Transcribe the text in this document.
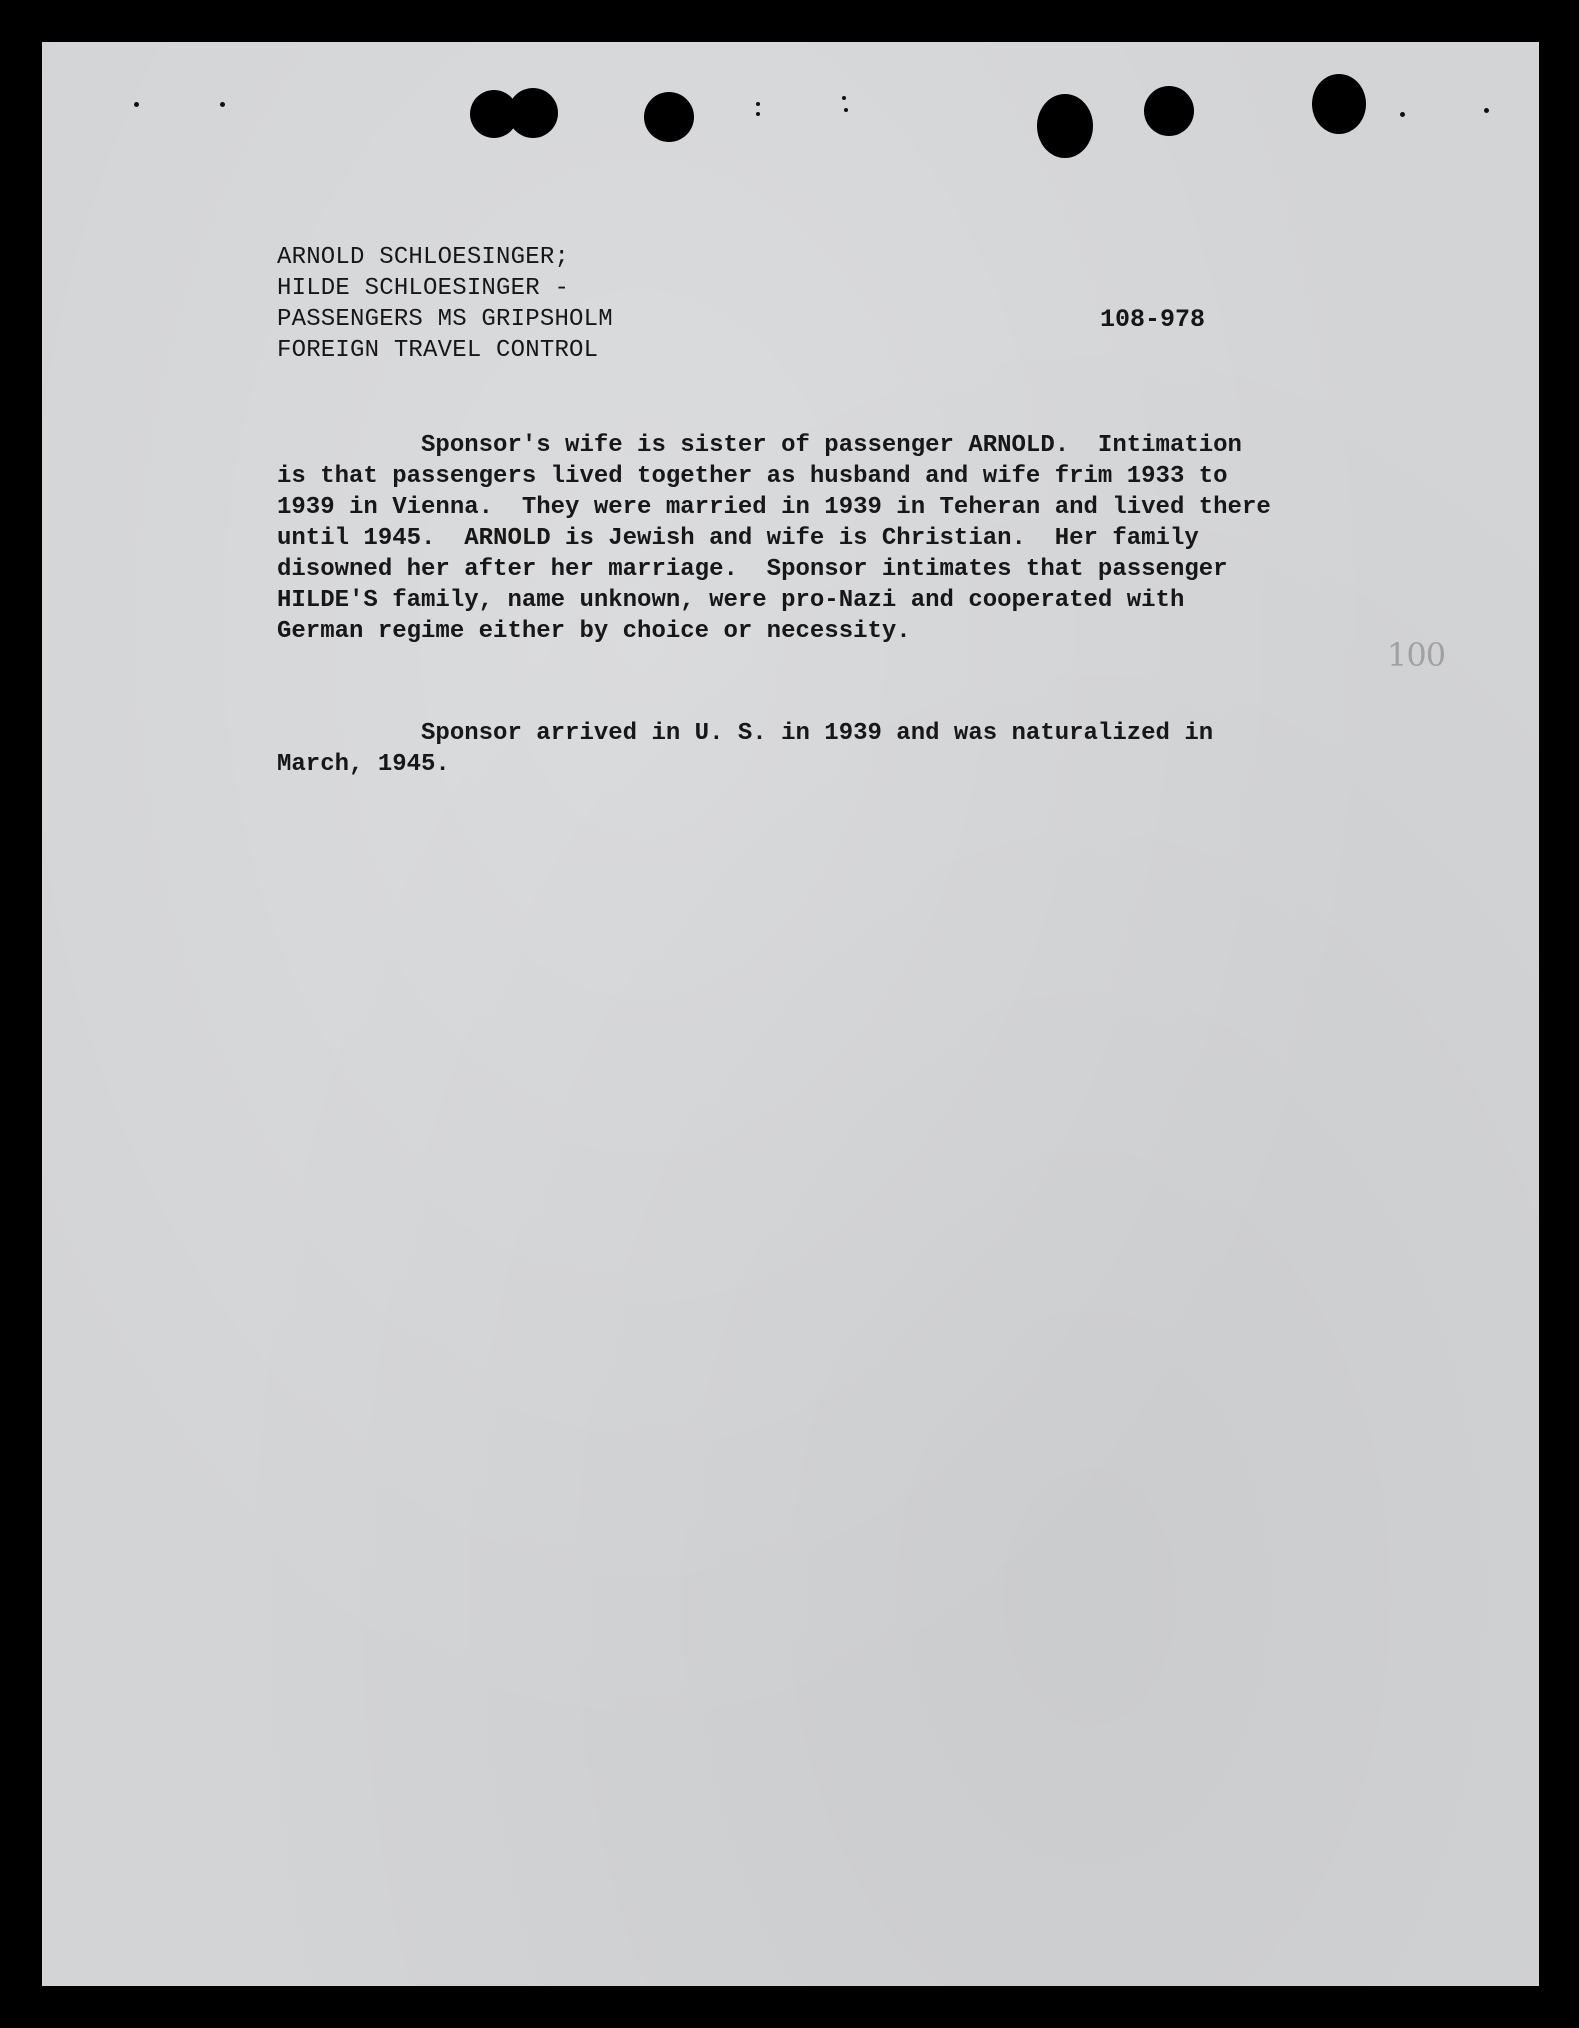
ARNOLD SCHLOESINGER;
HILDE SCHLOESINGER -
PASSENGERS MS GRIPSHOLM
FOREIGN TRAVEL CONTROL
108-978
Sponsor's wife is sister of passenger ARNOLD.  Intimation
is that passengers lived together as husband and wife frim 1933 to
1939 in Vienna.  They were married in 1939 in Teheran and lived there
until 1945.  ARNOLD is Jewish and wife is Christian.  Her family
disowned her after her marriage.  Sponsor intimates that passenger
HILDE'S family, name unknown, were pro-Nazi and cooperated with
German regime either by choice or necessity.
Sponsor arrived in U. S. in 1939 and was naturalized in
March, 1945.
100
